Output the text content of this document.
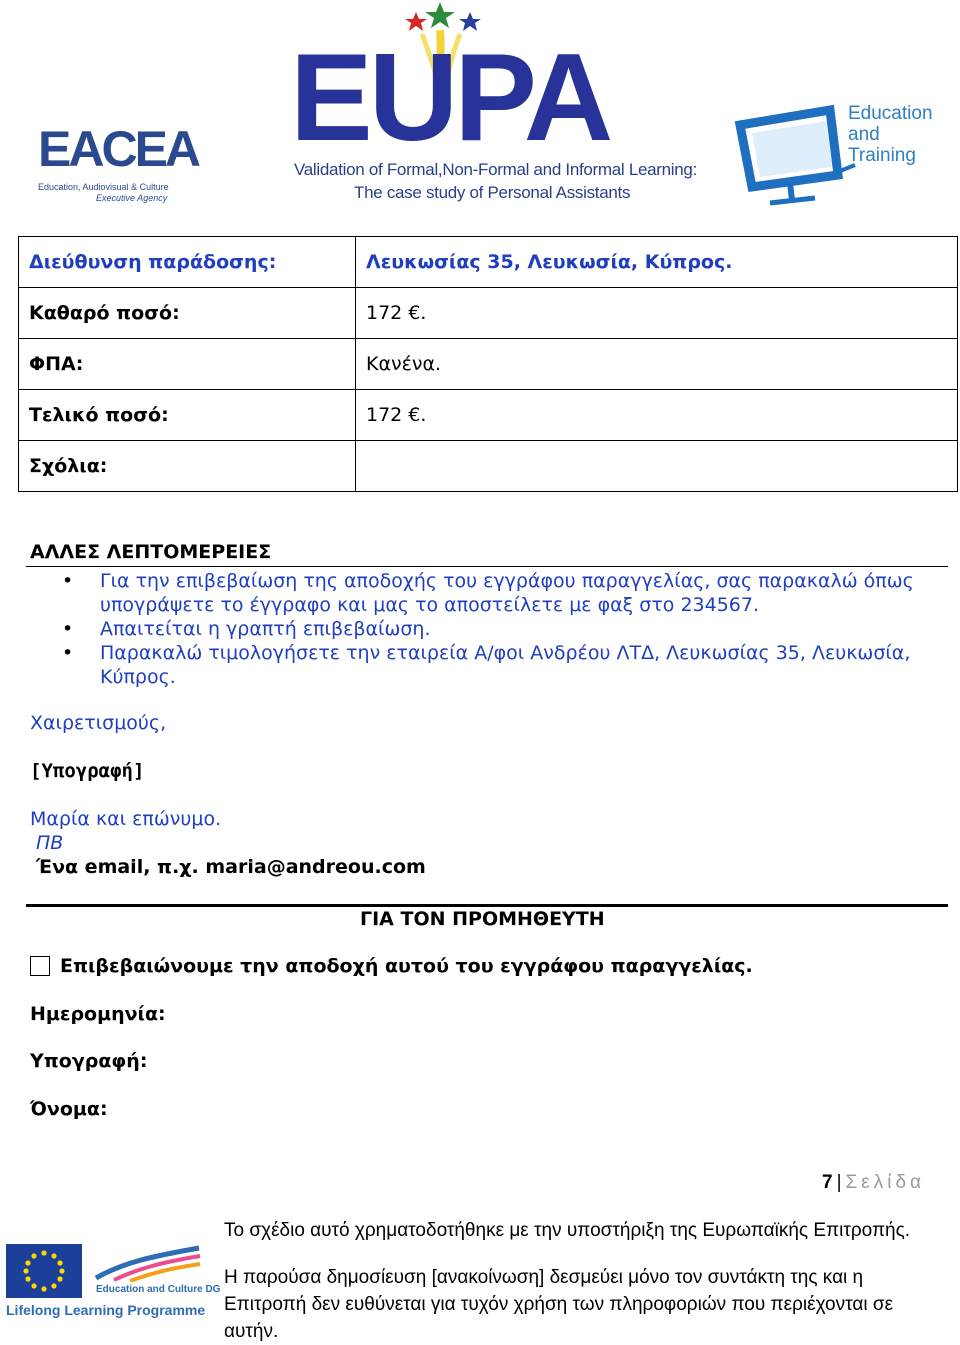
EACEA
Education, Audiovisual & Culture
Executive Agency
EUPA
Validation of Formal,Non-Formal and Informal Learning:
The case study of Personal Assistants
Education
and
Training
Διεύθυνση παράδοσης:	Λευκωσίας 35, Λευκωσία, Κύπρος.
Καθαρό ποσό:	172 €.
ΦΠΑ:	Κανένα.
Τελικό ποσό:	172 €.
Σχόλια:	
ΑΛΛΕΣ ΛΕΠΤΟΜΕΡΕΙΕΣ
• Για την επιβεβαίωση της αποδοχής του εγγράφου παραγγελίας, σας παρακαλώ όπως υπογράψετε το έγγραφο και μας το αποστείλετε με φαξ στο 234567.
• Απαιτείται η γραπτή επιβεβαίωση.
• Παρακαλώ τιμολογήσετε την εταιρεία Α/φοι Ανδρέου ΛΤΔ, Λευκωσίας 35, Λευκωσία, Κύπρος.
Χαιρετισμούς,
[Υπογραφή]
Μαρία και επώνυμο.
ΠΒ
Ένα email, π.χ. maria@andreou.com
ΓΙΑ ΤΟΝ ΠΡΟΜΗΘΕΥΤΗ
Επιβεβαιώνουμε την αποδοχή αυτού του εγγράφου παραγγελίας.
Ημερομηνία:
Υπογραφή:
Όνομα:
7 | Σελίδα
Education and Culture DG
Lifelong Learning Programme
Το σχέδιο αυτό χρηματοδοτήθηκε με την υποστήριξη της Ευρωπαϊκής Επιτροπής.
Η παρούσα δημοσίευση [ανακοίνωση] δεσμεύει μόνο τον συντάκτη της και η Επιτροπή δεν ευθύνεται για τυχόν χρήση των πληροφοριών που περιέχονται σε αυτήν.
